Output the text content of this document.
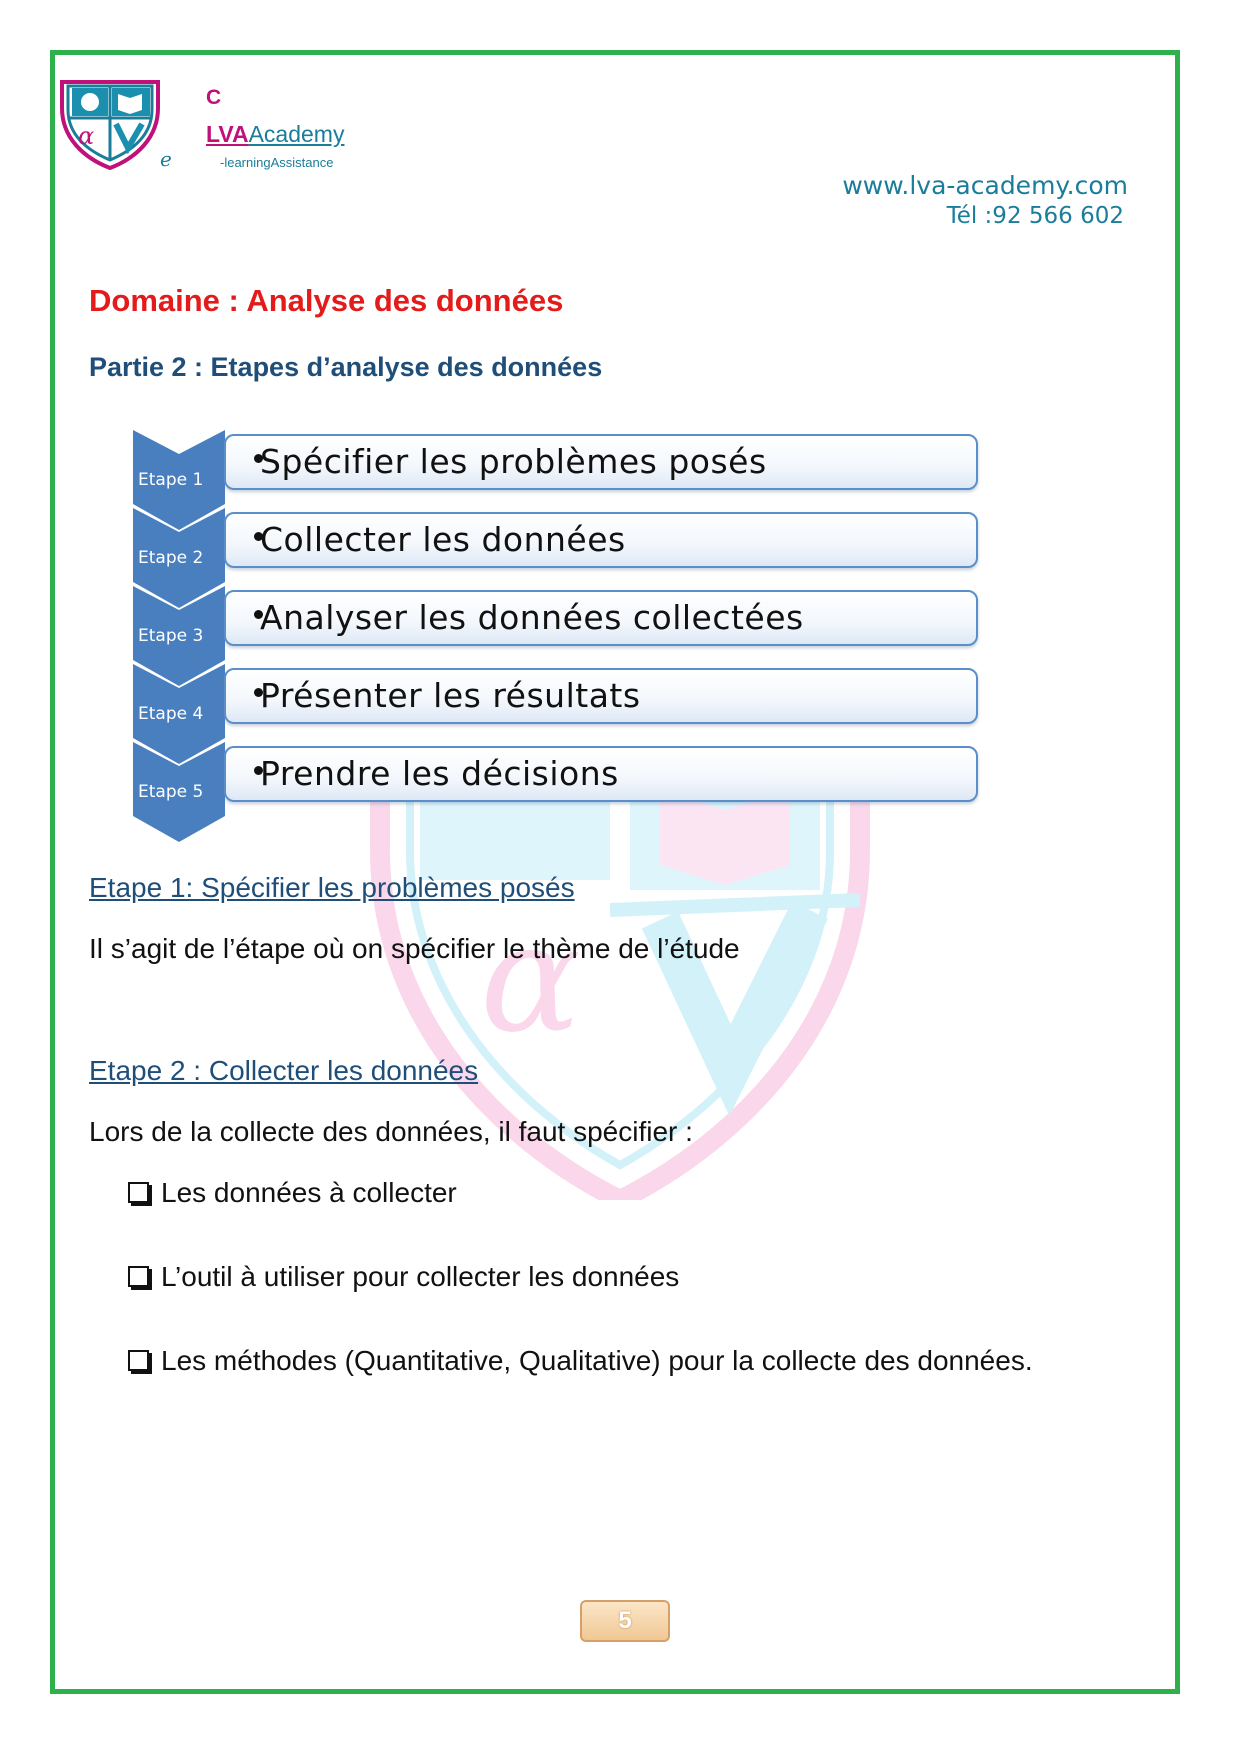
α
C
e
LVAAcademy
-learningAssistance
www.lva-academy.com
Tél :92 566 602
α
Domaine : Analyse des données
Partie 2 : Etapes d’analyse des données
Etape 1	Spécifier les problèmes posés
Etape 2	Collecter les données
Etape 3	Analyser les données collectées
Etape 4	Présenter les résultats
Etape 5	Prendre les décisions
Etape 1: Spécifier les problèmes posés
Il s’agit de l’étape où on spécifier le thème de l’étude
Etape 2 : Collecter les données
Lors de la collecte des données, il faut spécifier :
Les données à collecter
L’outil à utiliser pour collecter les données
Les méthodes (Quantitative, Qualitative) pour la collecte des données.
5
